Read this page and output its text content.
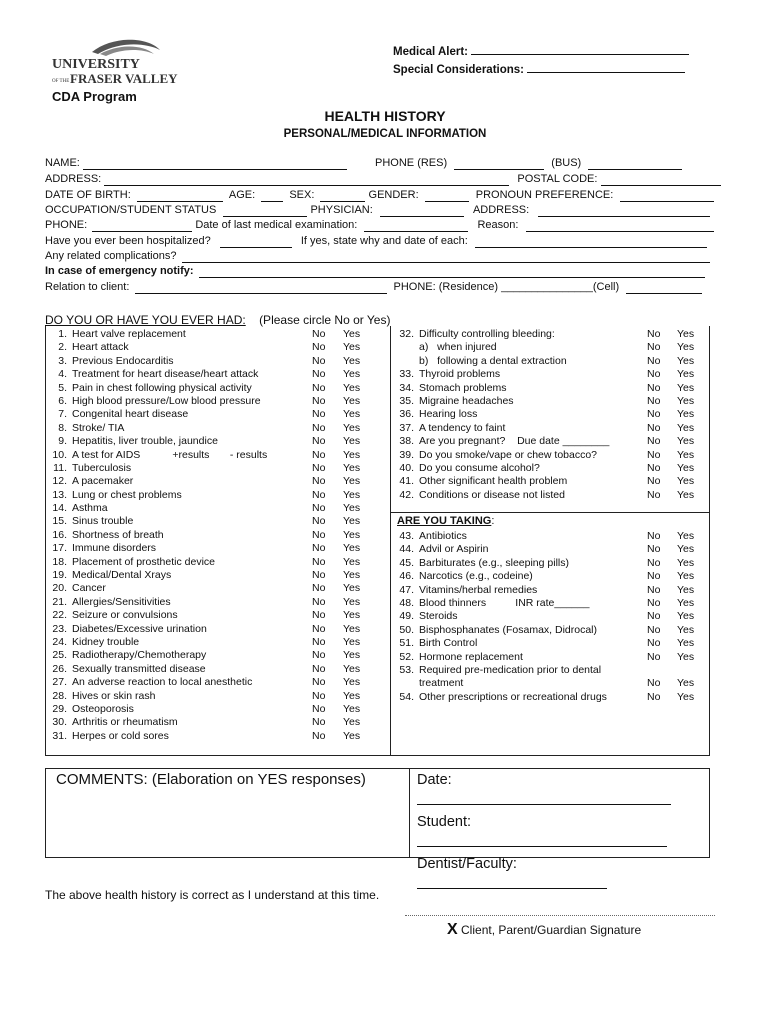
UNIVERSITY
OF THE FRASER VALLEY
Medical Alert:
Special Considerations:
CDA Program
HEALTH HISTORY
PERSONAL/MEDICAL INFORMATION
NAME:	PHONE (RES)	(BUS)
ADDRESS:	POSTAL CODE:
DATE OF BIRTH:	AGE:	SEX:	GENDER:	PRONOUN PREFERENCE:
OCCUPATION/STUDENT STATUS	PHYSICIAN:	ADDRESS:
PHONE:	Date of last medical examination:	Reason:
Have you ever been hospitalized?	If yes, state why and date of each:
Any related complications?
In case of emergency notify:
Relation to client:	PHONE: (Residence) _______________(Cell)
DO YOU OR HAVE YOU EVER HAD: (Please circle No or Yes)
1. Heart valve replacement	No Yes
2. Heart attack	No Yes
3. Previous Endocarditis	No Yes
4. Treatment for heart disease/heart attack	No Yes
5. Pain in chest following physical activity	No Yes
6. High blood pressure/Low blood pressure	No Yes
7. Congenital heart disease	No Yes
8. Stroke/ TIA	No Yes
9. Hepatitis, liver trouble, jaundice	No Yes
10. A test for AIDS           +results       - results	No Yes
11. Tuberculosis	No Yes
12. A pacemaker	No Yes
13. Lung or chest problems	No Yes
14. Asthma	No Yes
15. Sinus trouble	No Yes
16. Shortness of breath	No Yes
17. Immune disorders	No Yes
18. Placement of prosthetic device	No Yes
19. Medical/Dental Xrays	No Yes
20. Cancer	No Yes
21. Allergies/Sensitivities	No Yes
22. Seizure or convulsions	No Yes
23. Diabetes/Excessive urination	No Yes
24. Kidney trouble	No Yes
25. Radiotherapy/Chemotherapy	No Yes
26. Sexually transmitted disease	No Yes
27. An adverse reaction to local anesthetic	No Yes
28. Hives or skin rash	No Yes
29. Osteoporosis	No Yes
30. Arthritis or rheumatism	No Yes
31. Herpes or cold sores	No Yes
32. Difficulty controlling bleeding:	No Yes
a)   when injured	No Yes
b)   following a dental extraction	No Yes
33. Thyroid problems	No Yes
34. Stomach problems	No Yes
35. Migraine headaches	No Yes
36. Hearing loss	No Yes
37. A tendency to faint	No Yes
38. Are you pregnant?    Due date ________	No Yes
39. Do you smoke/vape or chew tobacco?	No Yes
40. Do you consume alcohol?	No Yes
41. Other significant health problem	No Yes
42. Conditions or disease not listed	No Yes
ARE YOU TAKING:
43. Antibiotics	No Yes
44. Advil or Aspirin	No Yes
45. Barbiturates (e.g., sleeping pills)	No Yes
46. Narcotics (e.g., codeine)	No Yes
47. Vitamins/herbal remedies	No Yes
48. Blood thinners          INR rate______	No Yes
49. Steroids	No Yes
50. Bisphosphanates (Fosamax, Didrocal)	No Yes
51. Birth Control	No Yes
52. Hormone replacement	No Yes
53. Required pre-medication prior to dental
treatment	No Yes
54. Other prescriptions or recreational drugs	No Yes
COMMENTS: (Elaboration on YES responses)	Date:
Student:
Dentist/Faculty:
The above health history is correct as I understand at this time.
X Client, Parent/Guardian Signature
